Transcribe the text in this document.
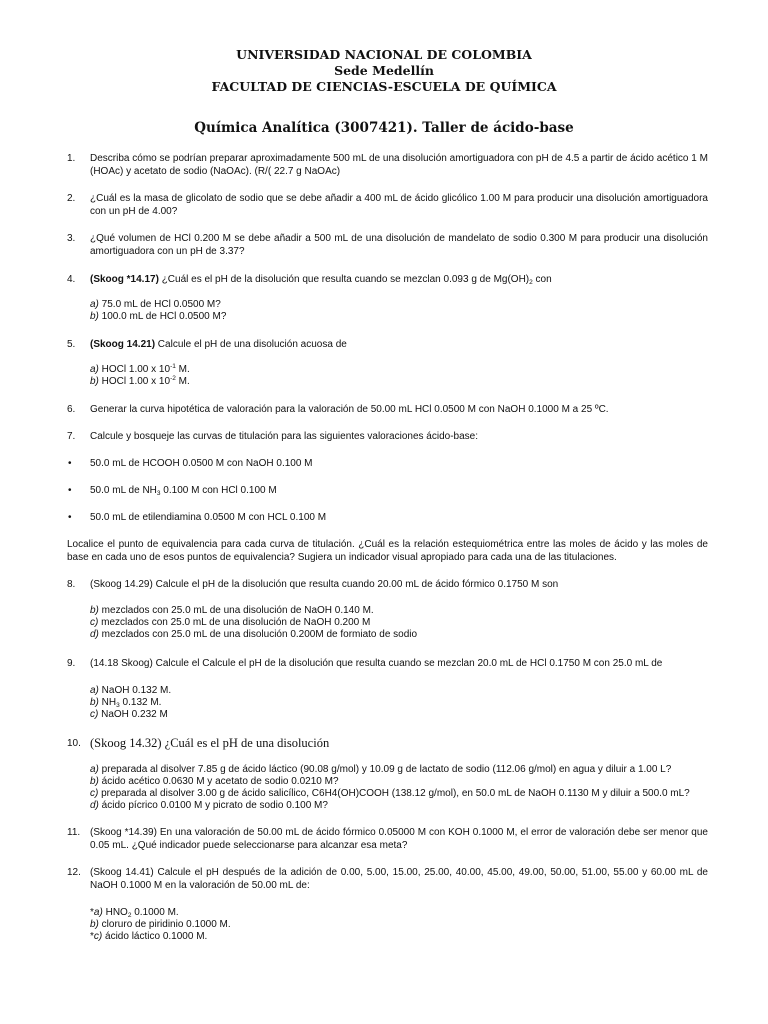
UNIVERSIDAD NACIONAL DE COLOMBIA
Sede Medellín
FACULTAD DE CIENCIAS-ESCUELA DE QUÍMICA
Química Analítica (3007421). Taller de ácido-base
1. Describa cómo se podrían preparar aproximadamente 500 mL de una disolución amortiguadora con pH de 4.5 a partir de ácido acético 1 M (HOAc) y acetato de sodio (NaOAc). (R/( 22.7 g NaOAc)
2. ¿Cuál es la masa de glicolato de sodio que se debe añadir a 400 mL de ácido glicólico 1.00 M para producir una disolución amortiguadora con un pH de 4.00?
3. ¿Qué volumen de HCl 0.200 M se debe añadir a 500 mL de una disolución de mandelato de sodio 0.300 M para producir una disolución amortiguadora con un pH de 3.37?
4. (Skoog *14.17) ¿Cuál es el pH de la disolución que resulta cuando se mezclan 0.093 g de $Mg(OH)_2$ con
a) 75.0 mL de HCl 0.0500 M?
b) 100.0 mL de HCl 0.0500 M?
5. (Skoog 14.21) Calcule el pH de una disolución acuosa de
a) HOCl 1.00 x $10^{-1}$ M.
b) HOCl 1.00 x $10^{-2}$ M.
6. Generar la curva hipotética de valoración para la valoración de 50.00 mL HCl 0.0500 M con NaOH 0.1000 M a 25 ºC.
7. Calcule y bosqueje las curvas de titulación para las siguientes valoraciones ácido-base:
• 50.0 mL de HCOOH 0.0500 M con NaOH 0.100 M
• 50.0 mL de $NH_3$ 0.100 M con HCl 0.100 M
• 50.0 mL de etilendiamina 0.0500 M con HCL 0.100 M
Localice el punto de equivalencia para cada curva de titulación. ¿Cuál es la relación estequiométrica entre las moles de ácido y las moles de base en cada uno de esos puntos de equivalencia? Sugiera un indicador visual apropiado para cada una de las titulaciones.
8. (Skoog 14.29) Calcule el pH de la disolución que resulta cuando 20.00 mL de ácido fórmico 0.1750 M son
b) mezclados con 25.0 mL de una disolución de NaOH 0.140 M.
c) mezclados con 25.0 mL de una disolución de NaOH 0.200 M
d) mezclados con 25.0 mL de una disolución 0.200M de formiato de sodio
9. (14.18 Skoog) Calcule el Calcule el pH de la disolución que resulta cuando se mezclan 20.0 mL de HCl 0.1750 M con 25.0 mL de
a) NaOH 0.132 M.
b) $NH_3$ 0.132 M.
c) NaOH 0.232 M
10. (Skoog 14.32) ¿Cuál es el pH de una disolución
a) preparada al disolver 7.85 g de ácido láctico (90.08 g/mol) y 10.09 g de lactato de sodio (112.06 g/mol) en agua y diluir a 1.00 L?
b) ácido acético 0.0630 M y acetato de sodio 0.0210 M?
c) preparada al disolver 3.00 g de ácido salicílico, C6H4(OH)COOH (138.12 g/mol), en 50.0 mL de NaOH 0.1130 M y diluir a 500.0 mL?
d) ácido pícrico 0.0100 M y picrato de sodio 0.100 M?
11. (Skoog *14.39) En una valoración de 50.00 mL de ácido fórmico 0.05000 M con KOH 0.1000 M, el error de valoración debe ser menor que 0.05 mL. ¿Qué indicador puede seleccionarse para alcanzar esa meta?
12. (Skoog 14.41) Calcule el pH después de la adición de 0.00, 5.00, 15.00, 25.00, 40.00, 45.00, 49.00, 50.00, 51.00, 55.00 y 60.00 mL de NaOH 0.1000 M en la valoración de 50.00 mL de:
*a) $HNO_2$ 0.1000 M.
b) cloruro de piridinio 0.1000 M.
*c) ácido láctico 0.1000 M.
